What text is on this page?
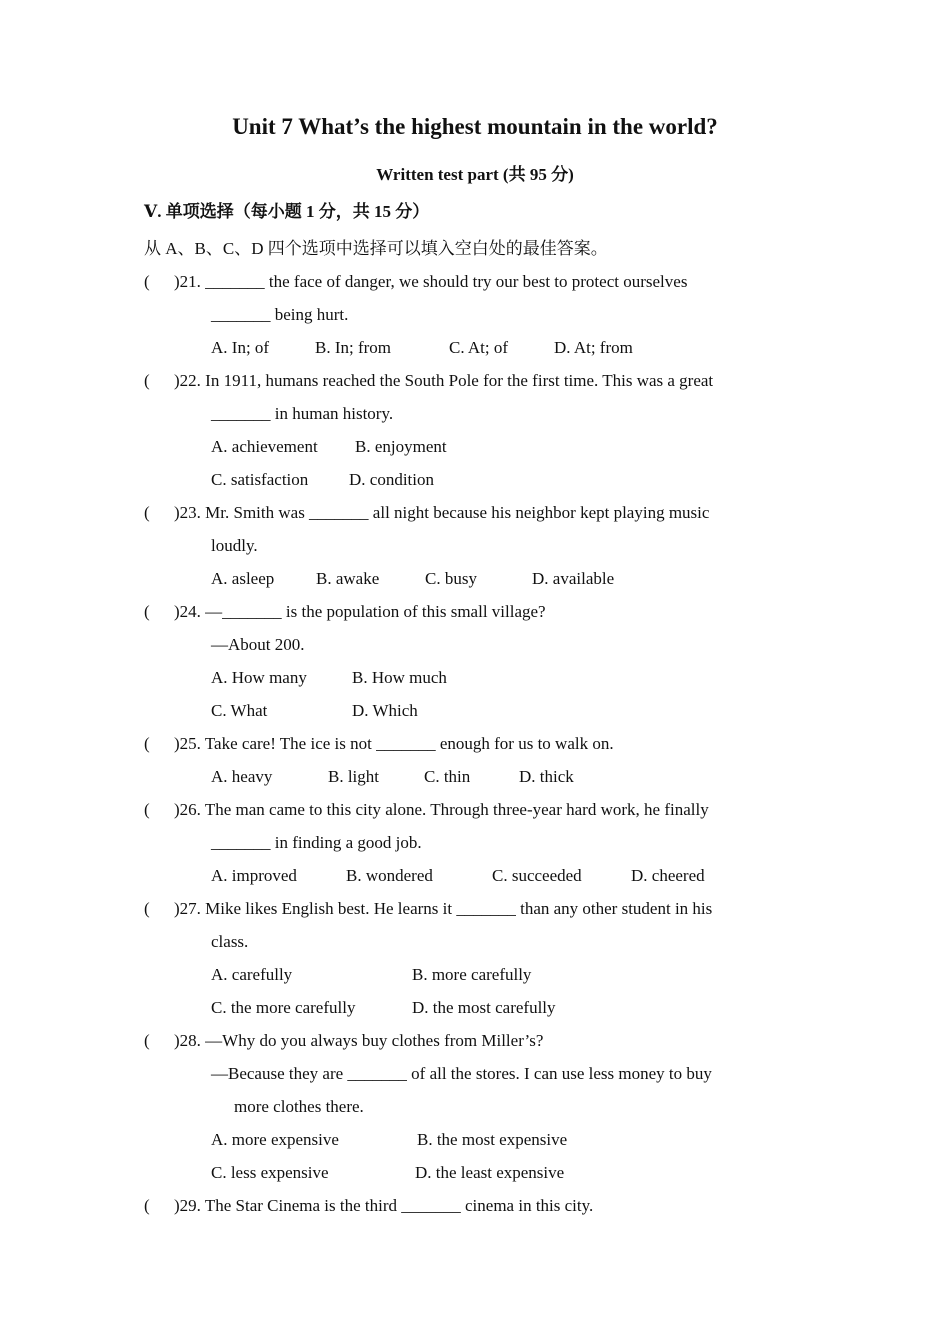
Unit 7 What’s the highest mountain in the world?
Written test part (共 95 分)
Ⅴ. 单项选择（每小题 1 分，共 15 分）
从 A、B、C、D 四个选项中选择可以填入空白处的最佳答案。
( )21. _______ the face of danger, we should try our best to protect ourselves
_______ being hurt.
A. In; of	B. In; from	C. At; of	D. At; from
( )22. In 1911, humans reached the South Pole for the first time. This was a great
_______ in human history.
A. achievement B. enjoyment
C. satisfaction D. condition
( )23. Mr. Smith was _______ all night because his neighbor kept playing music
loudly.
A. asleep B. awake	C. busy	D. available
( )24. —_______ is the population of this small village?
—About 200.
A. How many	B. How much
C. What	D. Which
( )25. Take care! The ice is not _______ enough for us to walk on.
A. heavy	B. light	C. thin	D. thick
( )26. The man came to this city alone. Through three-year hard work, he finally
_______ in finding a good job.
A. improved	B. wondered	C. succeeded	D. cheered
( )27. Mike likes English best. He learns it _______ than any other student in his
class.
A. carefully	B. more carefully
C. the more carefully	D. the most carefully
( )28. —Why do you always buy clothes from Miller’s?
—Because they are _______ of all the stores. I can use less money to buy
more clothes there.
A. more expensive	B. the most expensive
C. less expensive	D. the least expensive
( )29. The Star Cinema is the third _______ cinema in this city.
